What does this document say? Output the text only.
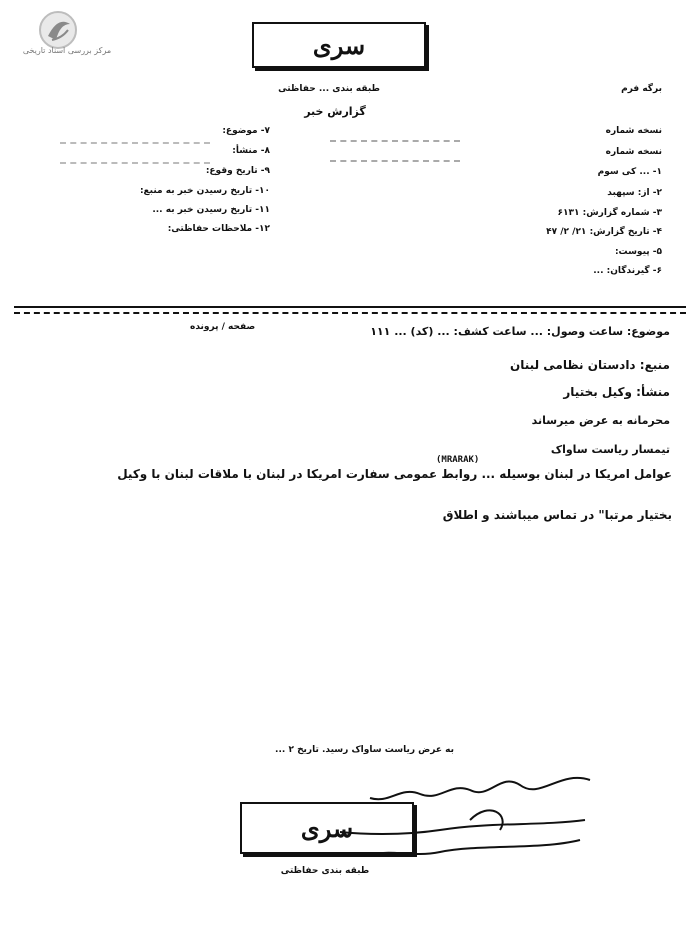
مرکز بررسی اسناد تاریخی	سری
طبقه بندی ... حفاظتی	برگه فرم
گزارش خبر
نسخه شماره
نسخه شماره
۱- ... کی سوم
۲- از: سپهبد
۳- شماره گزارش: ۶۱۳۱
۴- تاریخ گزارش: ۲۱/ ۲/ ۴۷
۵- پیوست:
۶- گیرندگان: ...
۷- موضوع:
۸- منشأ:
۹- تاریخ وقوع:
۱۰- تاریخ رسیدن خبر به منبع:
۱۱- تاریخ رسیدن خبر به ...
۱۲- ملاحظات حفاظتی:
صفحه / پرونده	موضوع: ساعت وصول: ... ساعت کشف: ... (کد) ... ۱۱۱
منبع: دادستان نظامی لبنان
منشأ: وکیل بختیار
محرمانه به عرض میرساند
تیمسار ریاست ساواک
(MRARAK)
عوامل امریکا در لبنان بوسیله ... روابط عمومی سفارت امریکا در لبنان با ملاقات لبنان با وکیل
بختیار مرتبا" در تماس میباشند و اطلاق
به عرض ریاست ساواک رسید. تاریخ ۲ ...
سری
طبقه بندی حفاظتی
